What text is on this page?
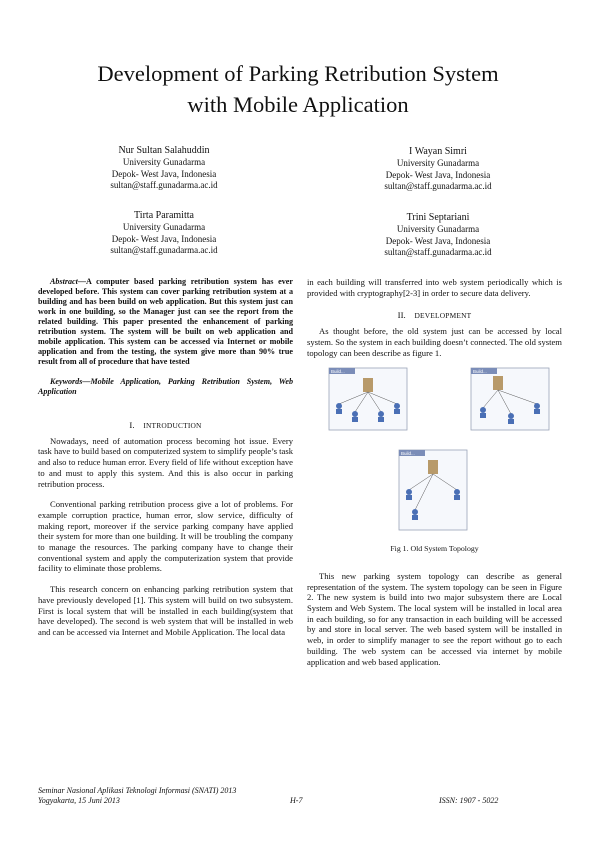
Development of Parking Retribution System
with Mobile Application
Nur Sultan Salahuddin
University Gunadarma
Depok- West Java, Indonesia
sultan@staff.gunadarma.ac.id
I Wayan Simri
University Gunadarma
Depok- West Java, Indonesia
sultan@staff.gunadarma.ac.id
Tirta Paramitta
University Gunadarma
Depok- West Java, Indonesia
sultan@staff.gunadarma.ac.id
Trini Septariani
University Gunadarma
Depok- West Java, Indonesia
sultan@staff.gunadarma.ac.id

Abstract—A computer based parking retribution system has ever developed before. This system can cover parking retribution system at a building and has been build on web application. But this system just can work in one building, so the Manager just can see the report from the related building. This paper presented the enhancement of parking retribution system. The system will be built on web application and mobile application. This system can be accessed via Internet or mobile application and from the testing, the system give more than 90% true result from all of procedure that have tested

Keywords—Mobile Application, Parking Retribution System, Web Application

I. INTRODUCTION

Nowadays, need of automation process becoming hot issue. Every task have to build based on computerized system to simplify people’s task and also to reduce human error. Every field of life without exception have to and must to apply this system. And this is also occur in parking retribution process.

Conventional parking retribution process give a lot of problems. For example corruption practice, human error, slow service, difficulty of making report, moreover if the service parking company have applied their system for more than one building. It will be troubling the company to manage the resources. The parking company have to change their conventional system and apply the computerization system that provide facility to eliminate those problems.

This research concern on enhancing parking retribution system that have previously developed [1]. This system will build on two subsystem. First is local system that will be installed in each building(system that have developed). The second is web system that will be installed in web and can be accessed via Internet and Mobile Application. The local data

in each building will transferred into web system periodically which is provided with cryptography[2-3] in order to secure data delivery.

II. DEVELOPMENT

As thought before, the old system just can be accessed by local system. So the system in each building doesn’t connected. The old system topology can been describe as figure 1.

Build...	Build...
Build...

Fig 1. Old System Topology

This new parking system topology can describe as general representation of the system. The system topology can be seen in Figure 2. The new system is build into two major subsystem there are Local System and Web System. The local system will be installed in local area in each building, so for any transaction in each building will be accessed by and store in local server. The web based system will be installed in web, in order to simplify manager to see the report without go to each building. The web system can be accessed via internet by mobile application and web based application.

Seminar Nasional Aplikasi Teknologi Informasi (SNATI) 2013
Yogyakarta, 15 Juni 2013	H-7	ISSN: 1907 - 5022
